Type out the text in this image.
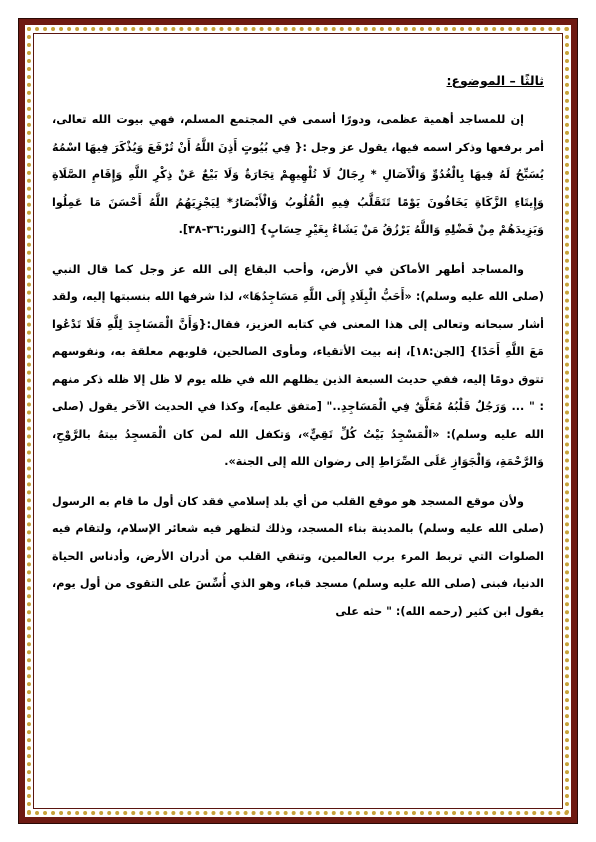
ثالثًا – الموضوع:

إن للمساجد أهمية عظمى، ودورًا أسمى في المجتمع المسلم، فهي بيوت الله تعالى، أمر برفعها وذكر اسمه فيها، يقول عز وجل :{ فِي بُيُوتٍ أَذِنَ اللَّهُ أَنْ تُرْفَعَ وَيُذْكَرَ فِيهَا اسْمُهُ يُسَبِّحُ لَهُ فِيهَا بِالْغُدُوِّ وَالْآصَالِ * رِجَالٌ لَا تُلْهِيهِمْ تِجَارَةٌ وَلَا بَيْعٌ عَنْ ذِكْرِ اللَّهِ وَإِقَامِ الصَّلَاةِ وَإِيتَاءِ الزَّكَاةِ يَخَافُونَ يَوْمًا تَتَقَلَّبُ فِيهِ الْقُلُوبُ وَالْأَبْصَارُ* لِيَجْزِيَهُمُ اللَّهُ أَحْسَنَ مَا عَمِلُوا وَيَزِيدَهُمْ مِنْ فَضْلِهِ وَاللَّهُ يَرْزُقُ مَنْ يَشَاءُ بِغَيْرِ حِسَابٍ} [النور:٣٦-٣٨].

والمساجد أطهر الأماكن في الأرض، وأحب البقاع إلى الله عز وجل كما قال النبي (صلى الله عليه وسلم): «أَحَبُّ الْبِلَادِ إِلَى اللَّهِ مَسَاجِدُهَا»، لذا شرفها الله بنسبتها إليه، ولقد أشار سبحانه وتعالى إلى هذا المعنى في كتابه العزيز، فقال:{وَأَنَّ الْمَسَاجِدَ لِلَّهِ فَلَا تَدْعُوا مَعَ اللَّهِ أَحَدًا} [الجن:١٨]، إنه بيت الأتقياء، ومأوى الصالحين، قلوبهم معلقة به، ونفوسهم تتوق دومًا إليه، ففي حديث السبعة الذين يظلهم الله في ظله يوم لا ظل إلا ظله ذكر منهم : " ... وَرَجُلٌ قَلْبُهُ مُعَلَّقٌ فِي الْمَسَاجِدِ.." [متفق عليه]، وكذا في الحديث الآخر يقول (صلى الله عليه وسلم): «الْمَسْجِدُ بَيْتُ كُلِّ تَقِيٍّ»، وَتكفل الله لمن كان الْمَسجِدُ بيتهُ بالرَّوْحِ، وَالرَّحْمَةِ، وَالْجَوَازِ عَلَى الصِّرَاطِ إلى رضوان الله إلى الجنة».

ولأن موقع المسجد هو موقع القلب من أي بلد إسلامي فقد كان أول ما قام به الرسول (صلى الله عليه وسلم) بالمدينة بناء المسجد، وذلك لتظهر فيه شعائر الإسلام، ولتقام فيه الصلوات التي تربط المرء برب العالمين، وتنقي القلب من أدران الأرض، وأدناس الحياة الدنيا، فبنى (صلى الله عليه وسلم) مسجد قباء، وهو الذي أُسِّسَ على التقوى من أول يوم، يقول ابن كثير (رحمه الله): " حثه على
